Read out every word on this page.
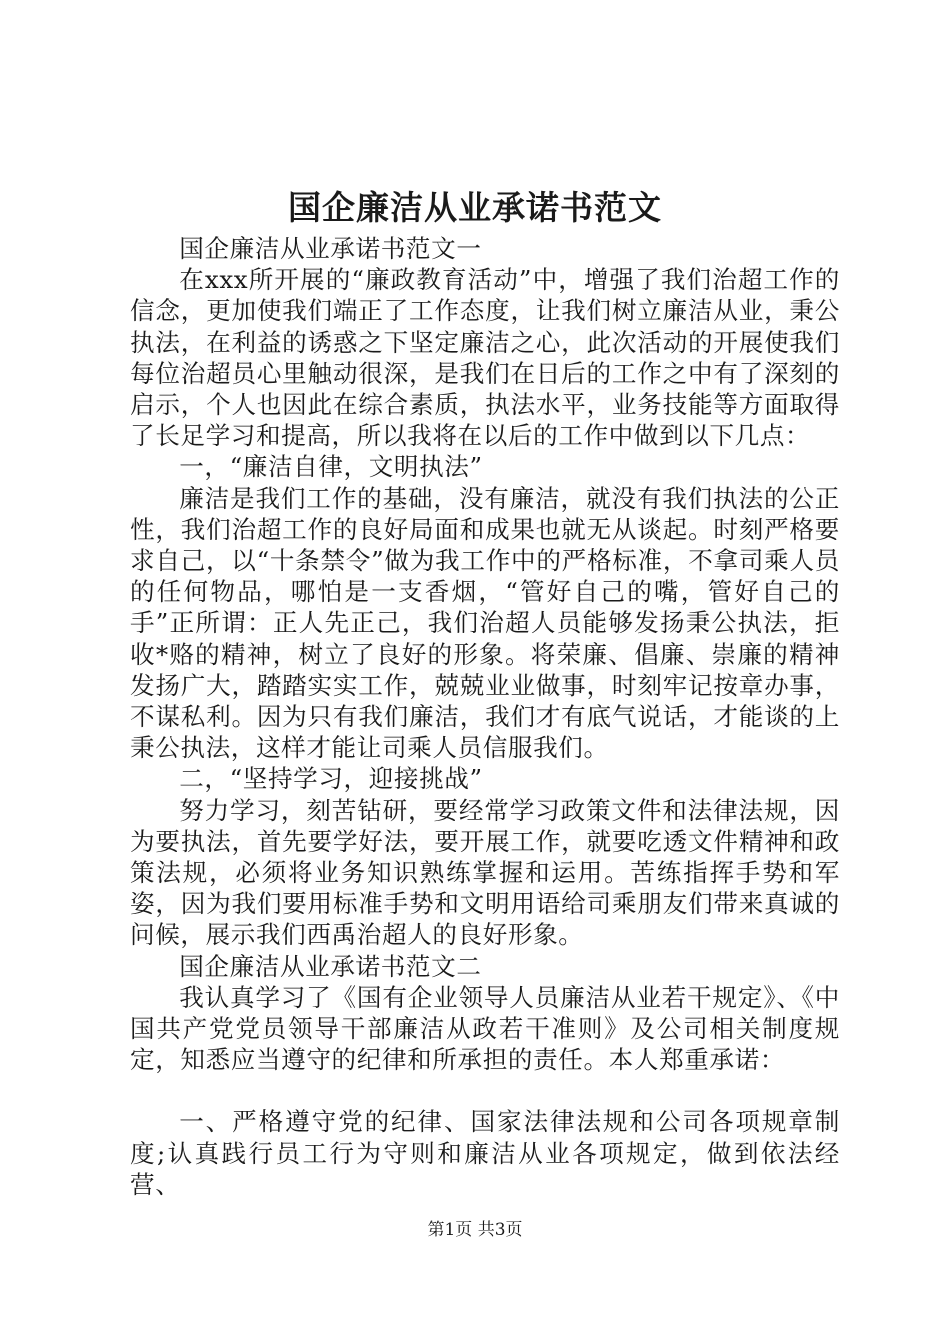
国企廉洁从业承诺书范文

国企廉洁从业承诺书范文一

在xxx所开展的“廉政教育活动”中，增强了我们治超工作的信念，更加使我们端正了工作态度，让我们树立廉洁从业，秉公执法，在利益的诱惑之下坚定廉洁之心，此次活动的开展使我们每位治超员心里触动很深，是我们在日后的工作之中有了深刻的启示，个人也因此在综合素质，执法水平，业务技能等方面取得了长足学习和提高，所以我将在以后的工作中做到以下几点：

一，“廉洁自律，文明执法”

廉洁是我们工作的基础，没有廉洁，就没有我们执法的公正性，我们治超工作的良好局面和成果也就无从谈起。时刻严格要求自己，以“十条禁令”做为我工作中的严格标准，不拿司乘人员的任何物品，哪怕是一支香烟，“管好自己的嘴，管好自己的手”正所谓：正人先正己，我们治超人员能够发扬秉公执法，拒收*赂的精神，树立了良好的形象。将荣廉、倡廉、崇廉的精神发扬广大，踏踏实实工作，兢兢业业做事，时刻牢记按章办事，不谋私利。因为只有我们廉洁，我们才有底气说话，才能谈的上秉公执法，这样才能让司乘人员信服我们。

二，“坚持学习，迎接挑战”

努力学习，刻苦钻研，要经常学习政策文件和法律法规，因为要执法，首先要学好法，要开展工作，就要吃透文件精神和政策法规，必须将业务知识熟练掌握和运用。苦练指挥手势和军姿，因为我们要用标准手势和文明用语给司乘朋友们带来真诚的问候，展示我们西禹治超人的良好形象。

国企廉洁从业承诺书范文二

我认真学习了《国有企业领导人员廉洁从业若干规定》、《中国共产党党员领导干部廉洁从政若干准则》及公司相关制度规定，知悉应当遵守的纪律和所承担的责任。本人郑重承诺：

一、严格遵守党的纪律、国家法律法规和公司各项规章制度;认真践行员工行为守则和廉洁从业各项规定，做到依法经营、

第1页 共3页
